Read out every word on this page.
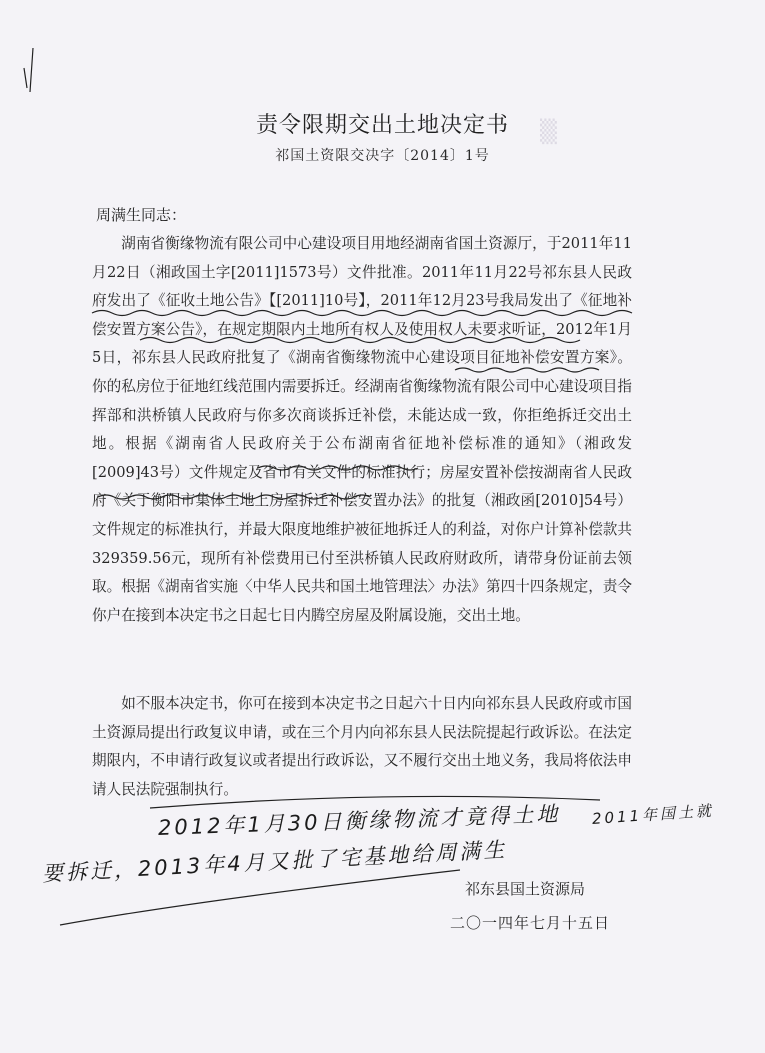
▒
责令限期交出土地决定书
祁国土资限交决字〔2014〕1号
周满生同志：
湖南省衡缘物流有限公司中心建设项目用地经湖南省国土资源厅，于2011年11月22日（湘政国土字[2011]1573号）文件批准。2011年11月22号祁东县人民政府发出了《征收土地公告》【[2011]10号】，2011年12月23号我局发出了《征地补偿安置方案公告》，在规定期限内土地所有权人及使用权人未要求听证，2012年1月5日，祁东县人民政府批复了《湖南省衡缘物流中心建设项目征地补偿安置方案》。你的私房位于征地红线范围内需要拆迁。经湖南省衡缘物流有限公司中心建设项目指挥部和洪桥镇人民政府与你多次商谈拆迁补偿，未能达成一致，你拒绝拆迁交出土地。根据《湖南省人民政府关于公布湖南省征地补偿标准的通知》（湘政发[2009]43号）文件规定及省市有关文件的标准执行；房屋安置补偿按湖南省人民政府《关于衡阳市集体土地上房屋拆迁补偿安置办法》的批复（湘政函[2010]54号）文件规定的标准执行，并最大限度地维护被征地拆迁人的利益，对你户计算补偿款共329359.56元，现所有补偿费用已付至洪桥镇人民政府财政所，请带身份证前去领取。根据《湖南省实施〈中华人民共和国土地管理法〉办法》第四十四条规定，责令你户在接到本决定书之日起七日内腾空房屋及附属设施，交出土地。
如不服本决定书，你可在接到本决定书之日起六十日内向祁东县人民政府或市国土资源局提出行政复议申请，或在三个月内向祁东县人民法院提起行政诉讼。在法定期限内，不申请行政复议或者提出行政诉讼，又不履行交出土地义务，我局将依法申请人民法院强制执行。
2012年1月30日衡缘物流才竟得土地 2011年国土就
要拆迁，2013年4月又批了宅基地给周满生
祁东县国土资源局
二〇一四年七月十五日
